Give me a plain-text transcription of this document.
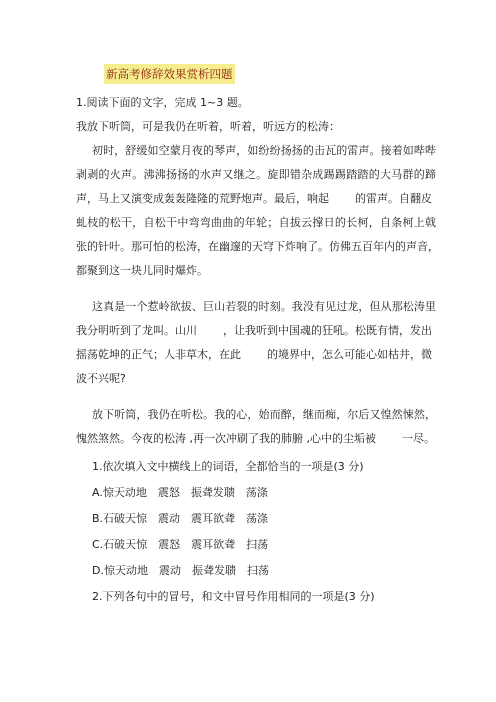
新高考修辞效果赏析四题
1.阅读下面的文字，完成 1~3 题。
我放下听筒，可是我仍在听着，听着，听远方的松涛：
初时，舒缓如空蒙月夜的琴声，如纷纷扬扬的击瓦的雷声。接着如哔哔
剥剥的火声。沸沸扬扬的水声又继之。旋即错杂成踢踢踏踏的大马群的蹄
声，马上又演变成轰轰隆隆的荒野炮声。最后，响起 的雷声。自翻皮
虬枝的松干，自松干中弯弯曲曲的年轮；自拔云撑日的长柯，自条柯上戟
张的针叶。那可怕的松涛，在幽邃的天穹下炸响了。仿佛五百年内的声音，
都聚到这一块儿同时爆炸。
这真是一个惹岭欲拔、巨山若裂的时刻。我没有见过龙，但从那松涛里
我分明听到了龙叫。山川 ，让我听到中国魂的狂吼。松既有情，发出
摇荡乾坤的正气；人非草木，在此 的境界中，怎么可能心如枯井，微
波不兴呢?
放下听筒，我仍在听松。我的心，始而醉，继而痴，尔后又惶然悚然，
愧然煞然。今夜的松涛 ,再一次冲刷了我的肺腑 ,心中的尘垢被 一尽。
1.依次填入文中横线上的词语，全都恰当的一项是(3 分)
A.惊天动地　震怒　振聋发聩　荡涤
B.石破天惊　震动　震耳欲聋　荡涤
C.石破天惊　震怒　震耳欲聋　扫荡
D.惊天动地　震动　振聋发聩　扫荡
2.下列各句中的冒号，和文中冒号作用相同的一项是(3 分)
